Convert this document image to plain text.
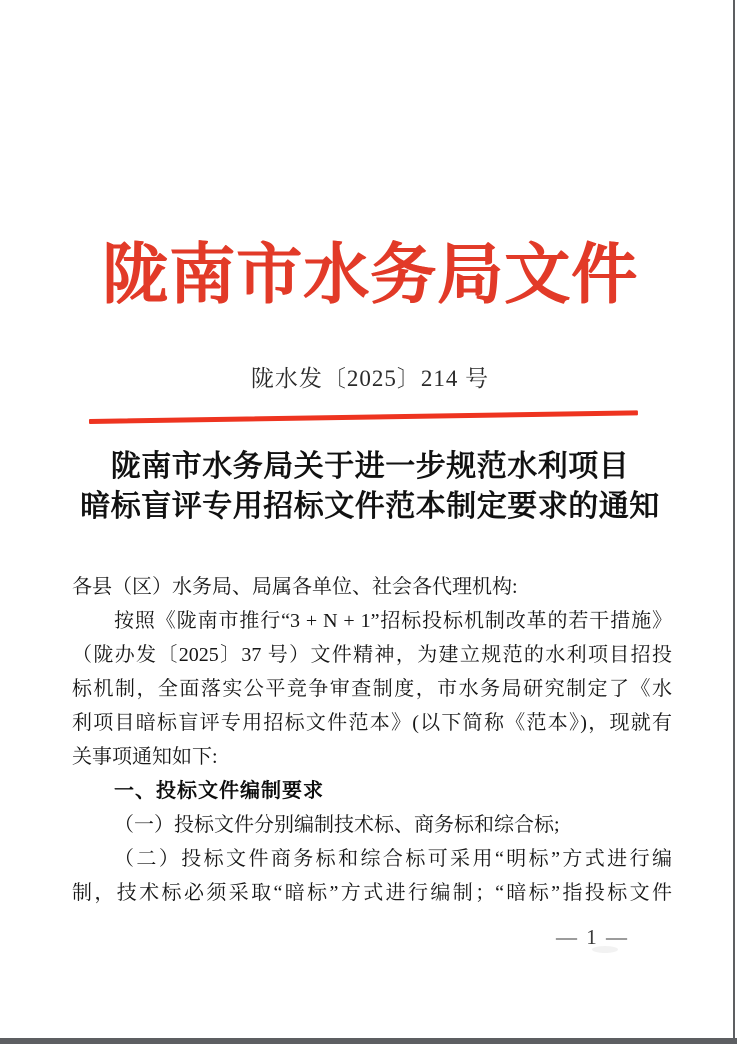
陇南市水务局文件
陇水发〔2025〕214 号
陇南市水务局关于进一步规范水利项目
暗标盲评专用招标文件范本制定要求的通知
各县（区）水务局、局属各单位、社会各代理机构:
按照《陇南市推行“3 + N + 1”招标投标机制改革的若干措施》
（陇办发〔2025〕37 号）文件精神，为建立规范的水利项目招投
标机制，全面落实公平竞争审查制度，市水务局研究制定了《水
利项目暗标盲评专用招标文件范本》(以下简称《范本》)，现就有
关事项通知如下:
一、投标文件编制要求
（一）投标文件分别编制技术标、商务标和综合标;
（二）投标文件商务标和综合标可采用“明标”方式进行编
制，技术标必须采取“暗标”方式进行编制；“暗标”指投标文件
— 1 —
